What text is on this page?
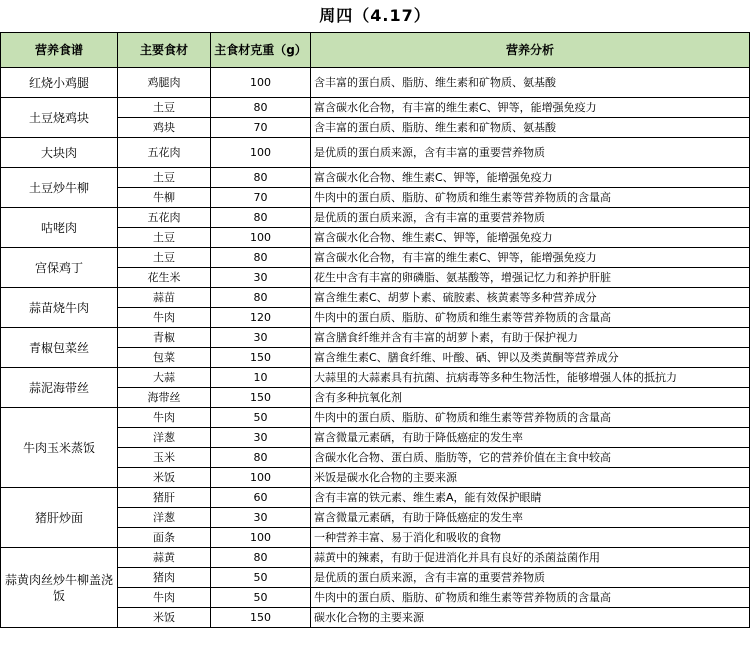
周四（4.17）
营养食谱	主要食材	主食材克重（g）	营养分析
红烧小鸡腿	鸡腿肉	100	含丰富的蛋白质、脂肪、维生素和矿物质、氨基酸
土豆烧鸡块	土豆	80	富含碳水化合物，有丰富的维生素C、钾等，能增强免疫力
	鸡块	70	含丰富的蛋白质、脂肪、维生素和矿物质、氨基酸
大块肉	五花肉	100	是优质的蛋白质来源，含有丰富的重要营养物质
土豆炒牛柳	土豆	80	富含碳水化合物、维生素C、钾等，能增强免疫力
	牛柳	70	牛肉中的蛋白质、脂肪、矿物质和维生素等营养物质的含量高
咕咾肉	五花肉	80	是优质的蛋白质来源，含有丰富的重要营养物质
	土豆	100	富含碳水化合物、维生素C、钾等，能增强免疫力
宫保鸡丁	土豆	80	富含碳水化合物，有丰富的维生素C、钾等，能增强免疫力
	花生米	30	花生中含有丰富的卵磷脂、氨基酸等，增强记忆力和养护肝脏
蒜苗烧牛肉	蒜苗	80	富含维生素C、胡萝卜素、硫胺素、核黄素等多种营养成分
	牛肉	120	牛肉中的蛋白质、脂肪、矿物质和维生素等营养物质的含量高
青椒包菜丝	青椒	30	富含膳食纤维并含有丰富的胡萝卜素，有助于保护视力
	包菜	150	富含维生素C、膳食纤维、叶酸、硒、钾以及类黄酮等营养成分
蒜泥海带丝	大蒜	10	大蒜里的大蒜素具有抗菌、抗病毒等多种生物活性，能够增强人体的抵抗力
	海带丝	150	含有多种抗氧化剂
牛肉玉米蒸饭	牛肉	50	牛肉中的蛋白质、脂肪、矿物质和维生素等营养物质的含量高
	洋葱	30	富含微量元素硒，有助于降低癌症的发生率
	玉米	80	含碳水化合物、蛋白质、脂肪等，它的营养价值在主食中较高
	米饭	100	米饭是碳水化合物的主要来源
猪肝炒面	猪肝	60	含有丰富的铁元素、维生素A，能有效保护眼睛
	洋葱	30	富含微量元素硒，有助于降低癌症的发生率
	面条	100	一种营养丰富、易于消化和吸收的食物
蒜黄肉丝炒牛柳盖浇饭	蒜黄	80	蒜黄中的辣素，有助于促进消化并具有良好的杀菌益菌作用
	猪肉	50	是优质的蛋白质来源，含有丰富的重要营养物质
	牛肉	50	牛肉中的蛋白质、脂肪、矿物质和维生素等营养物质的含量高
	米饭	150	碳水化合物的主要来源
